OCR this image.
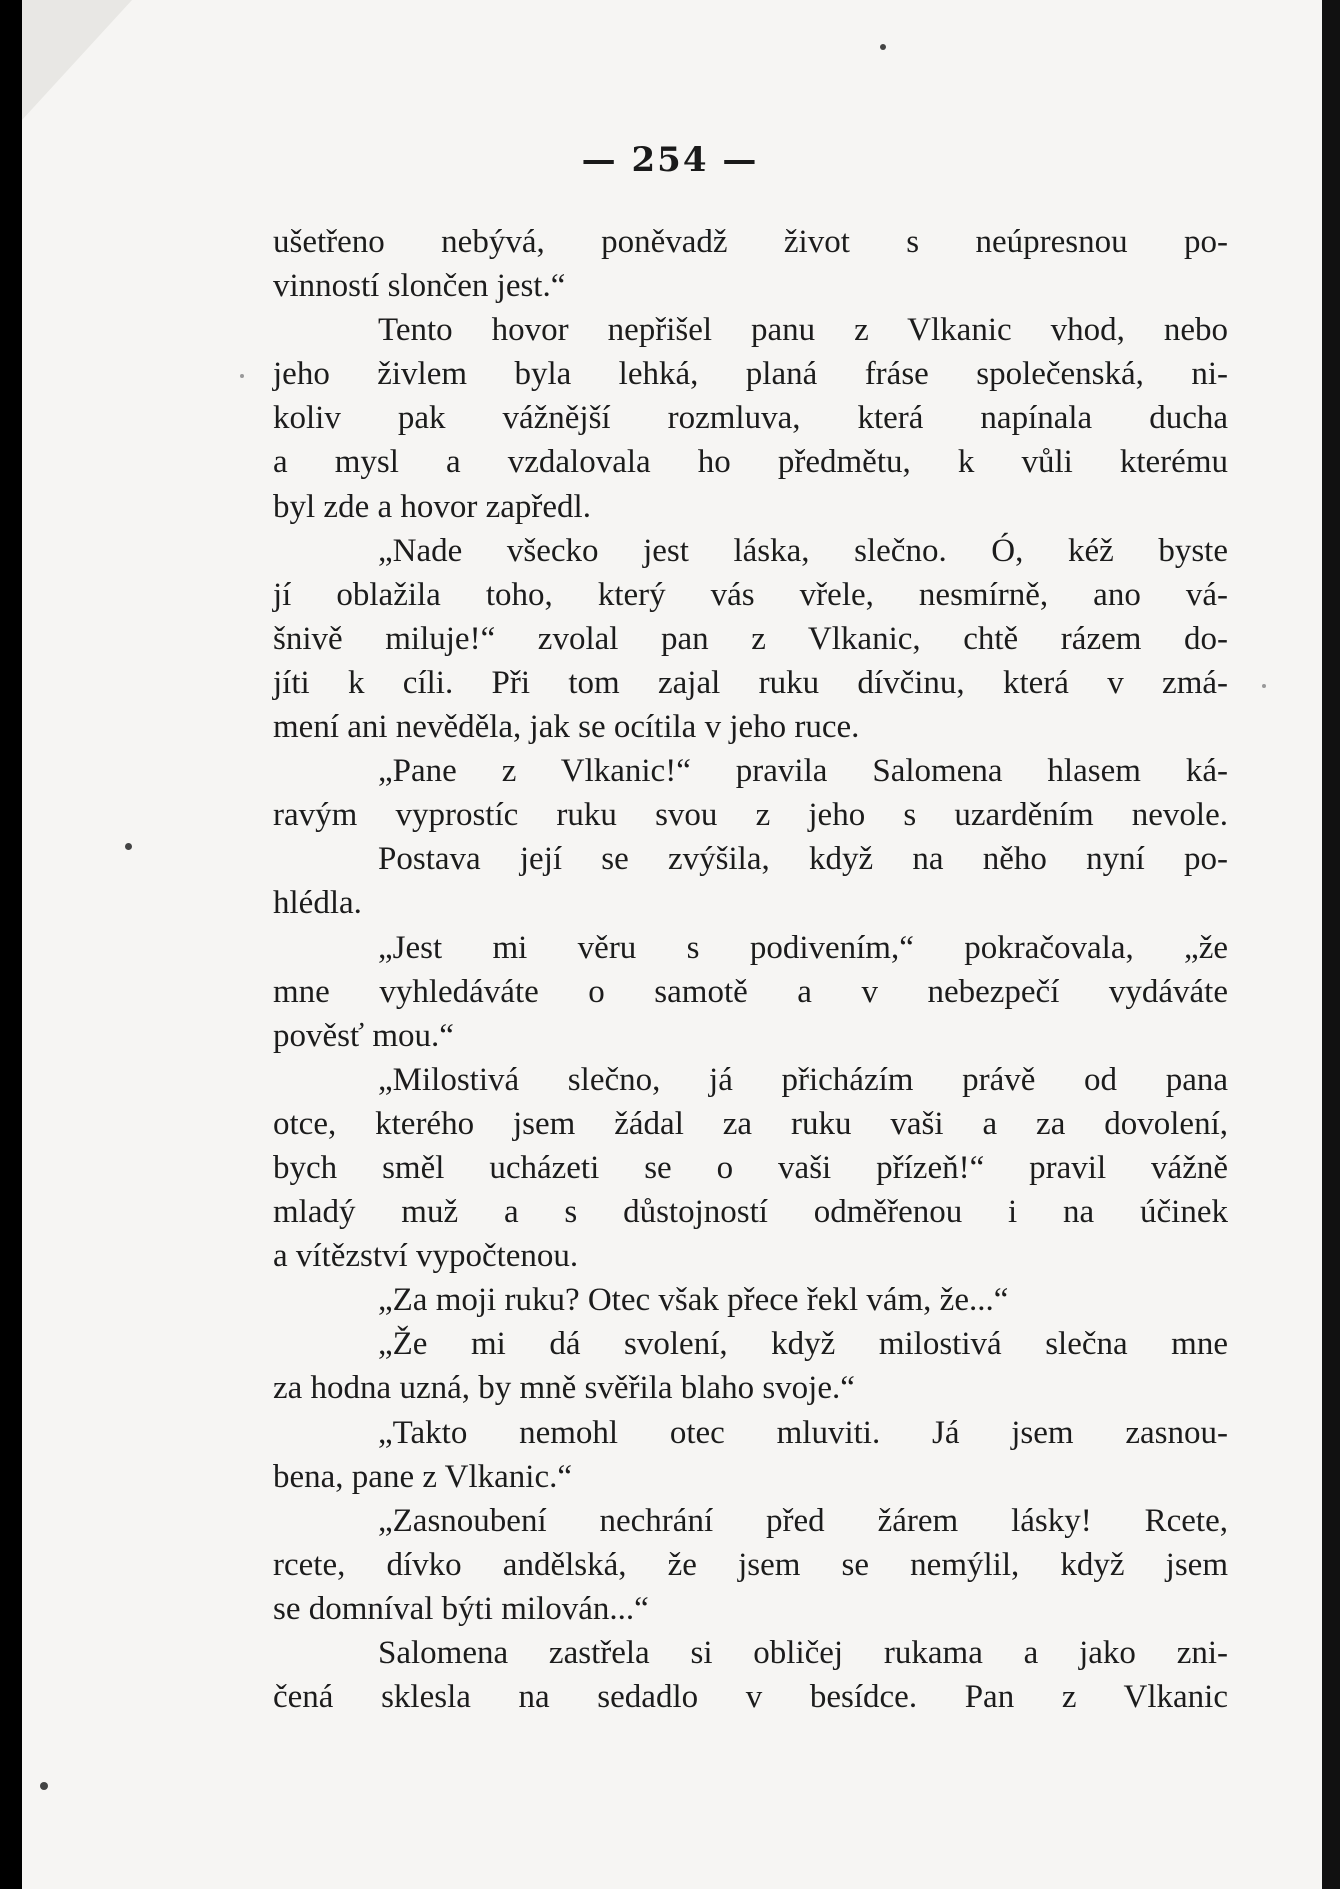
— 254 —
ušetřeno nebývá, poněvadž život s neúpresnou po-
vinností slončen jest.“
Tento hovor nepřišel panu z Vlkanic vhod, nebo
jeho živlem byla lehká, planá fráse společenská, ni-
koliv pak vážnější rozmluva, která napínala ducha
a mysl a vzdalovala ho předmětu, k vůli kterému
byl zde a hovor zapředl.
„Nade všecko jest láska, slečno. Ó, kéž byste
jí oblažila toho, který vás vřele, nesmírně, ano vá-
šnivě miluje!“ zvolal pan z Vlkanic, chtě rázem do-
jíti k cíli. Při tom zajal ruku dívčinu, která v zmá-
mení ani nevěděla, jak se ocítila v jeho ruce.
„Pane z Vlkanic!“ pravila Salomena hlasem ká-
ravým vyprostíc ruku svou z jeho s uzarděním nevole.
Postava její se zvýšila, když na něho nyní po-
hlédla.
„Jest mi věru s podivením,“ pokračovala, „že
mne vyhledáváte o samotě a v nebezpečí vydáváte
pověsť mou.“
„Milostivá slečno, já přicházím právě od pana
otce, kterého jsem žádal za ruku vaši a za dovolení,
bych směl ucházeti se o vaši přízeň!“ pravil vážně
mladý muž a s důstojností odměřenou i na účinek
a vítězství vypočtenou.
„Za moji ruku? Otec však přece řekl vám, že...“
„Že mi dá svolení, když milostivá slečna mne
za hodna uzná, by mně svěřila blaho svoje.“
„Takto nemohl otec mluviti. Já jsem zasnou-
bena, pane z Vlkanic.“
„Zasnoubení nechrání před žárem lásky! Rcete,
rcete, dívko andělská, že jsem se nemýlil, když jsem
se domníval býti milován...“
Salomena zastřela si obličej rukama a jako zni-
čená sklesla na sedadlo v besídce. Pan z Vlkanic
